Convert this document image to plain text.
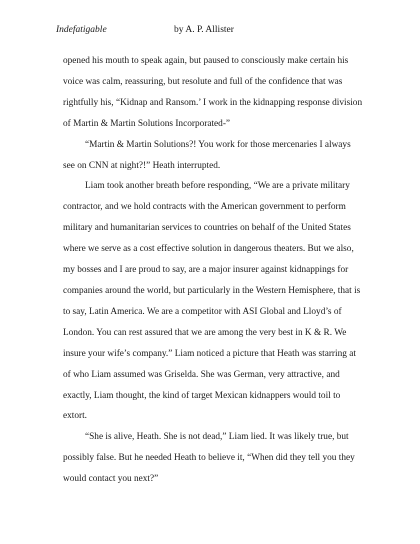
Indefatigable	by A. P. Allister

opened his mouth to speak again, but paused to consciously make certain his voice was calm, reassuring, but resolute and full of the confidence that was rightfully his, “Kidnap and Ransom.’ I work in the kidnapping response division of Martin & Martin Solutions Incorporated-”

“Martin & Martin Solutions?! You work for those mercenaries I always see on CNN at night?!” Heath interrupted.

Liam took another breath before responding, “We are a private military contractor, and we hold contracts with the American government to perform military and humanitarian services to countries on behalf of the United States where we serve as a cost effective solution in dangerous theaters. But we also, my bosses and I are proud to say, are a major insurer against kidnappings for companies around the world, but particularly in the Western Hemisphere, that is to say, Latin America. We are a competitor with ASI Global and Lloyd’s of London. You can rest assured that we are among the very best in K & R. We insure your wife’s company.” Liam noticed a picture that Heath was starring at of who Liam assumed was Griselda. She was German, very attractive, and exactly, Liam thought, the kind of target Mexican kidnappers would toil to extort.

“She is alive, Heath. She is not dead,” Liam lied. It was likely true, but possibly false. But he needed Heath to believe it, “When did they tell you they would contact you next?”
